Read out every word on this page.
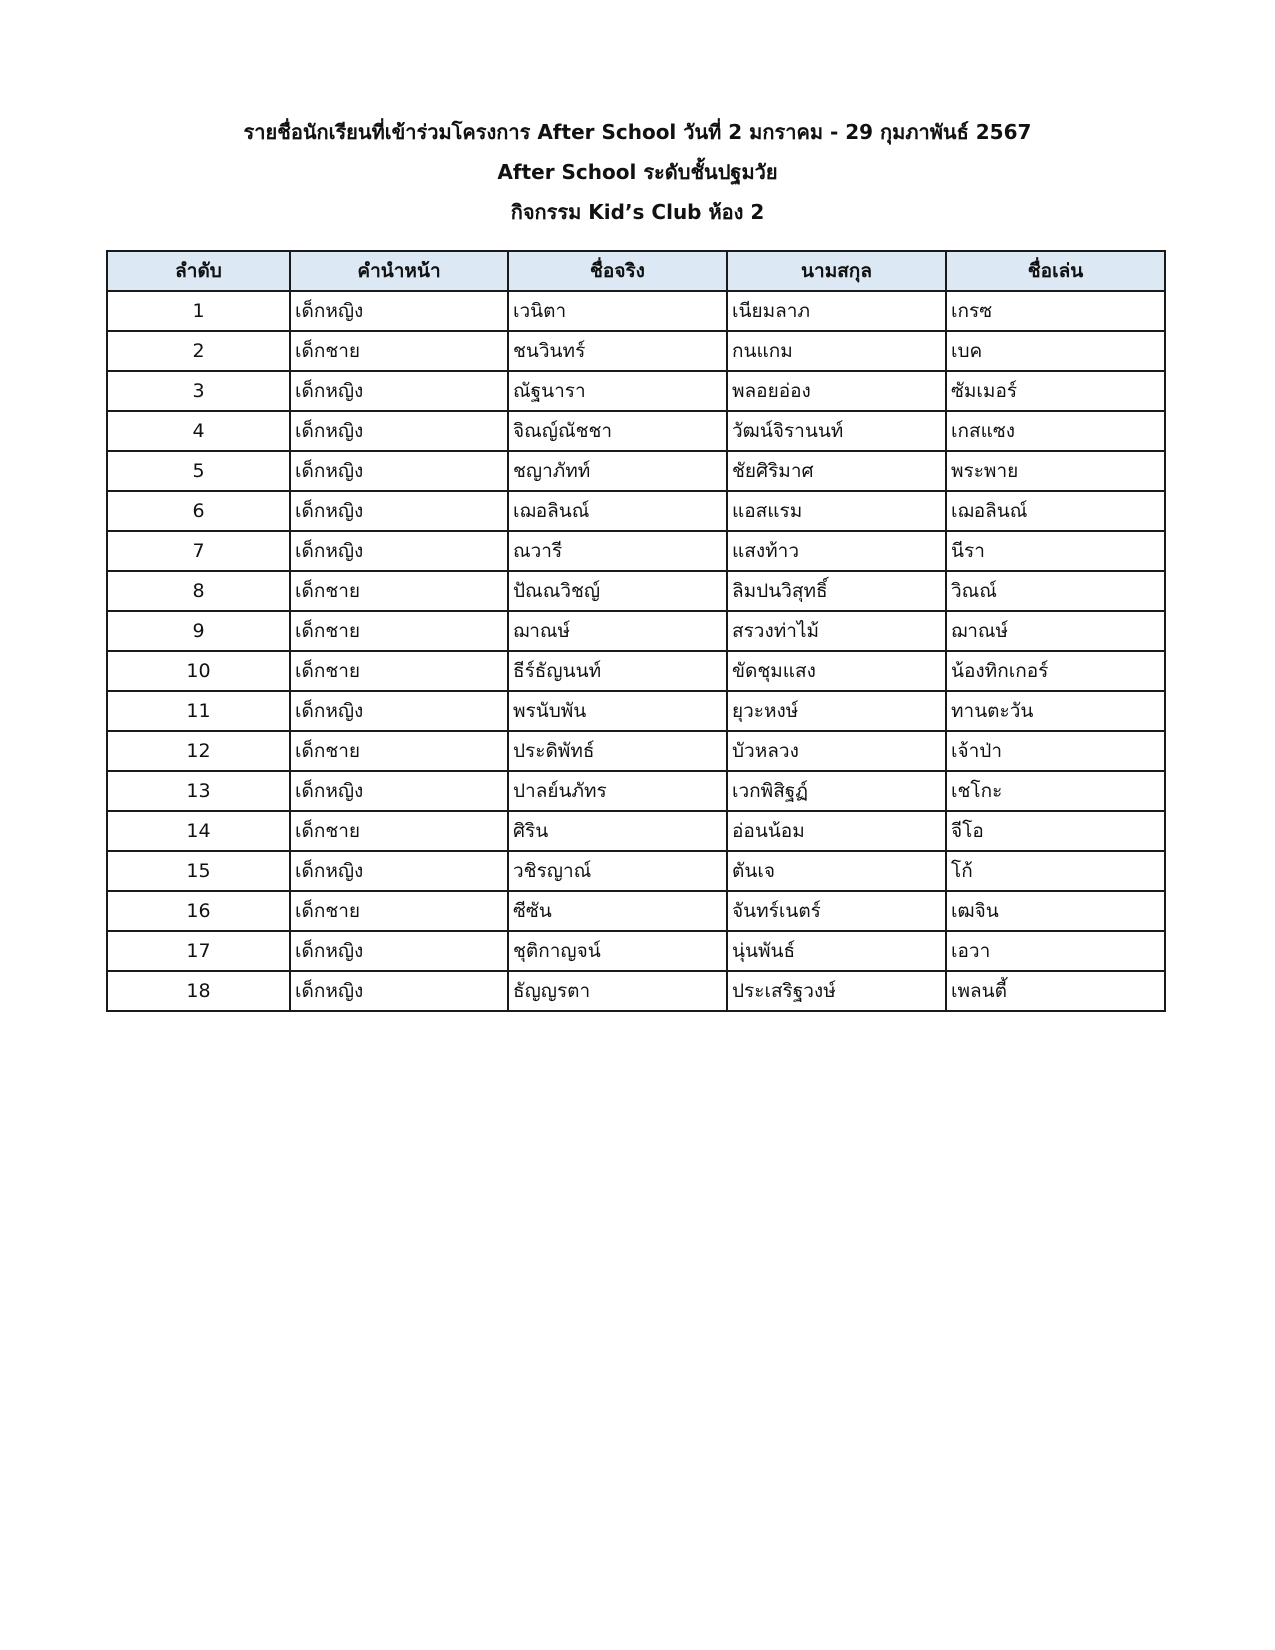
รายชื่อนักเรียนที่เข้าร่วมโครงการ After School วันที่ 2 มกราคม - 29 กุมภาพันธ์ 2567

After School ระดับชั้นปฐมวัย

กิจกรรม Kid’s Club ห้อง 2

ลำดับ	คำนำหน้า	ชื่อจริง	นามสกุล	ชื่อเล่น
1	เด็กหญิง	เวนิตา	เนียมลาภ	เกรซ
2	เด็กชาย	ชนวินทร์	กนแกม	เบค
3	เด็กหญิง	ณัฐนารา	พลอยอ่อง	ซัมเมอร์
4	เด็กหญิง	จิณญ์ณัชชา	วัฒน์จิรานนท์	เกสแซง
5	เด็กหญิง	ชญาภัทท์	ชัยศิริมาศ	พระพาย
6	เด็กหญิง	เฌอลินณ์	แอสแรม	เฌอลินณ์
7	เด็กหญิง	ณวารี	แสงท้าว	นีรา
8	เด็กชาย	ปัณณวิชญ์	ลิมปนวิสุทธิ์	วิณณ์
9	เด็กชาย	ฌาณษ์	สรวงท่าไม้	ฌาณษ์
10	เด็กชาย	ธีร์ธัญนนท์	ขัดชุมแสง	น้องทิกเกอร์
11	เด็กหญิง	พรนับพัน	ยุวะหงษ์	ทานตะวัน
12	เด็กชาย	ประดิพัทธ์	บัวหลวง	เจ้าป่า
13	เด็กหญิง	ปาลย์นภัทร	เวกพิสิฐฏ์	เชโกะ
14	เด็กชาย	ศิริน	อ่อนน้อม	จีโอ
15	เด็กหญิง	วชิรญาณ์	ตันเจ	โก้
16	เด็กชาย	ซีซัน	จันทร์เนตร์	เฒจิน
17	เด็กหญิง	ชุติกาญจน์	นุ่นพันธ์	เอวา
18	เด็กหญิง	ธัญญรตา	ประเสริฐวงษ์	เพลนตี้
